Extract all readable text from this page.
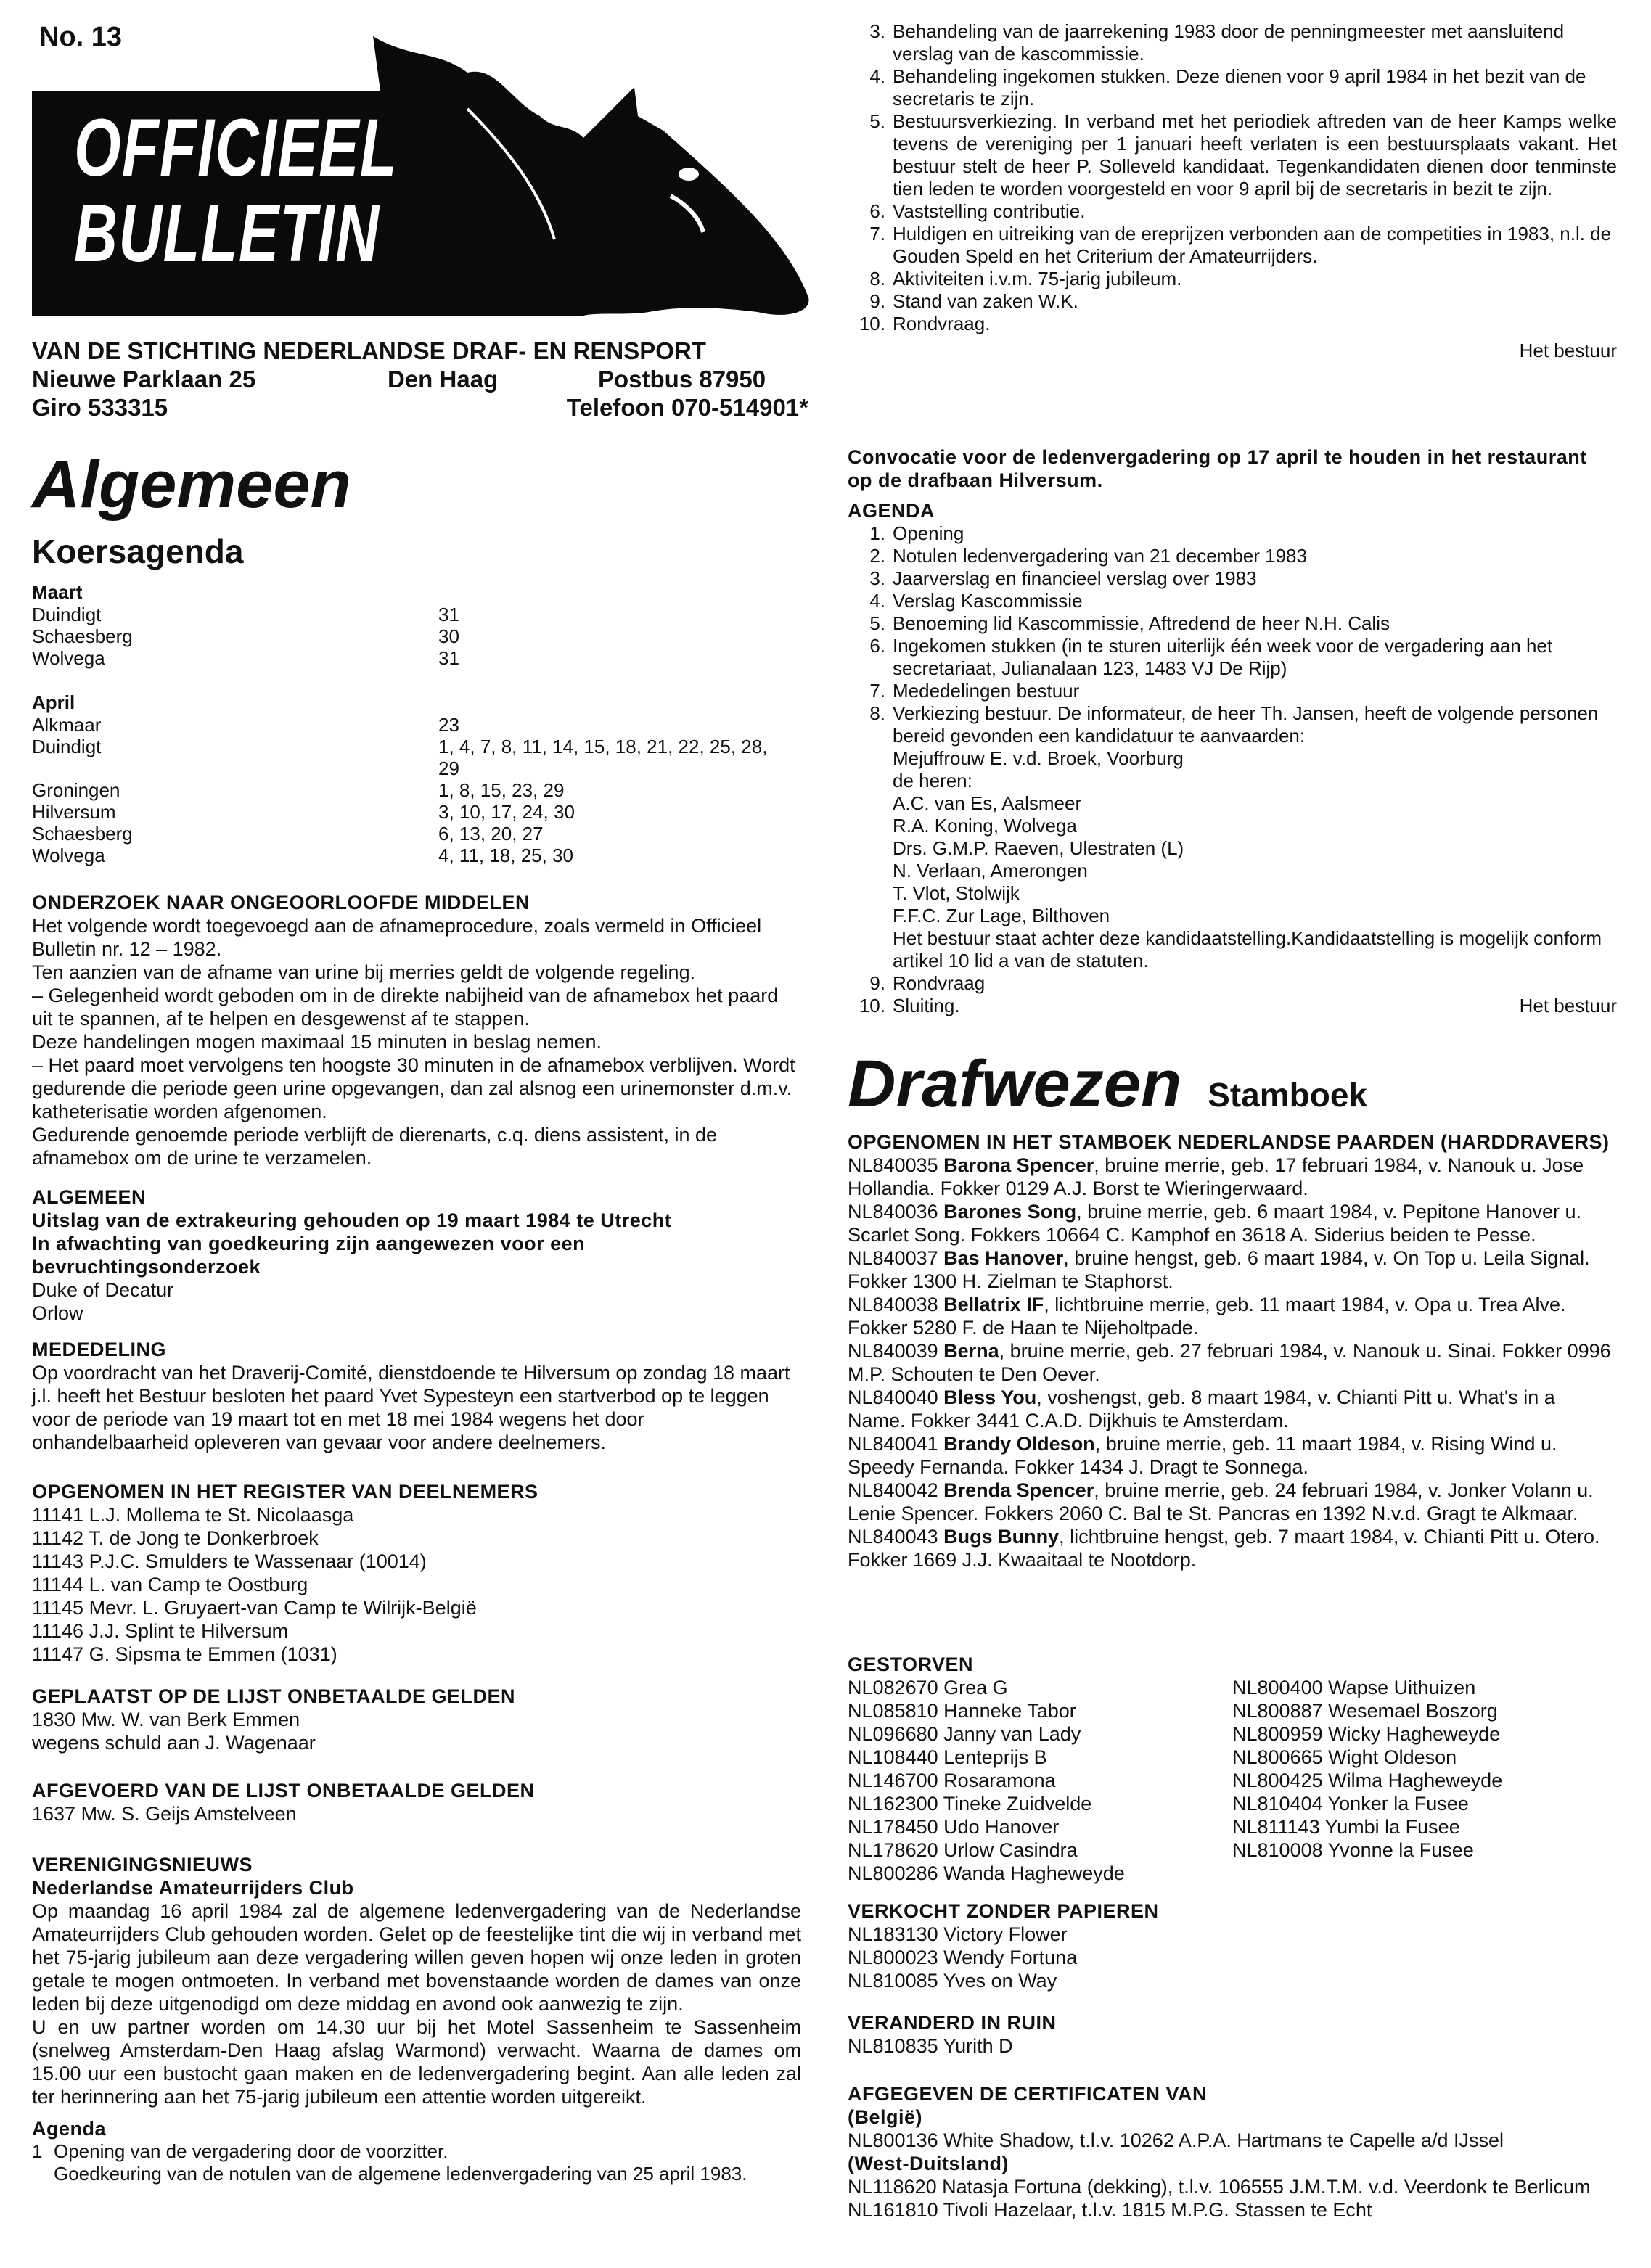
No. 13
OFFICIEEL
BULLETIN
VAN DE STICHTING NEDERLANDSE DRAF- EN RENSPORT
Nieuwe Parklaan 25	Den Haag	Postbus 87950
Giro 533315	Telefoon 070-514901*
Algemeen
Koersagenda
Maart
Duindigt	31
Schaesberg	30
Wolvega	31
April
Alkmaar	23
Duindigt	1, 4, 7, 8, 11, 14, 15, 18, 21, 22, 25, 28, 29
Groningen	1, 8, 15, 23, 29
Hilversum	3, 10, 17, 24, 30
Schaesberg	6, 13, 20, 27
Wolvega	4, 11, 18, 25, 30

ONDERZOEK NAAR ONGEOORLOOFDE MIDDELEN

Het volgende wordt toegevoegd aan de afnameprocedure, zoals vermeld in Officieel Bulletin nr. 12 – 1982.

Ten aanzien van de afname van urine bij merries geldt de volgende regeling.

– Gelegenheid wordt geboden om in de direkte nabijheid van de afnamebox het paard uit te spannen, af te helpen en desgewenst af te stappen.

Deze handelingen mogen maximaal 15 minuten in beslag nemen.

– Het paard moet vervolgens ten hoogste 30 minuten in de afnamebox verblijven. Wordt gedurende die periode geen urine opgevangen, dan zal alsnog een urinemonster d.m.v. katheterisatie worden afgenomen.

Gedurende genoemde periode verblijft de dierenarts, c.q. diens assistent, in de afnamebox om de urine te verzamelen.

ALGEMEEN

Uitslag van de extrakeuring gehouden op 19 maart 1984 te Utrecht

In afwachting van goedkeuring zijn aangewezen voor een bevruchtingsonderzoek

Duke of Decatur

Orlow

MEDEDELING

Op voordracht van het Draverij-Comité, dienstdoende te Hilversum op zondag 18 maart j.l. heeft het Bestuur besloten het paard Yvet Sypesteyn een startverbod op te leggen voor de periode van 19 maart tot en met 18 mei 1984 wegens het door onhandelbaarheid opleveren van gevaar voor andere deelnemers.

OPGENOMEN IN HET REGISTER VAN DEELNEMERS

11141 L.J. Mollema te St. Nicolaasga

11142 T. de Jong te Donkerbroek

11143 P.J.C. Smulders te Wassenaar (10014)

11144 L. van Camp te Oostburg

11145 Mevr. L. Gruyaert-van Camp te Wilrijk-België

11146 J.J. Splint te Hilversum

11147 G. Sipsma te Emmen (1031)

GEPLAATST OP DE LIJST ONBETAALDE GELDEN

1830 Mw. W. van Berk Emmen

wegens schuld aan J. Wagenaar

AFGEVOERD VAN DE LIJST ONBETAALDE GELDEN

1637 Mw. S. Geijs Amstelveen

VERENIGINGSNIEUWS

Nederlandse Amateurrijders Club

Op maandag 16 april 1984 zal de algemene ledenvergadering van de Nederlandse Amateurrijders Club gehouden worden. Gelet op de feestelijke tint die wij in verband met het 75-jarig jubileum aan deze vergadering willen geven hopen wij onze leden in groten getale te mogen ontmoeten. In verband met bovenstaande worden de dames van onze leden bij deze uitgenodigd om deze middag en avond ook aanwezig te zijn.

U en uw partner worden om 14.30 uur bij het Motel Sassenheim te Sassenheim (snelweg Amsterdam-Den Haag afslag Warmond) verwacht. Waarna de dames om 15.00 uur een bustocht gaan maken en de ledenvergadering begint. Aan alle leden zal ter herinnering aan het 75-jarig jubileum een attentie worden uitgereikt.

Agenda

1 Opening van de vergadering door de voorzitter.
Goedkeuring van de notulen van de algemene ledenvergadering van 25 april 1983.
3. Behandeling van de jaarrekening 1983 door de penningmeester met aansluitend verslag van de kascommissie.
4. Behandeling ingekomen stukken. Deze dienen voor 9 april 1984 in het bezit van de secretaris te zijn.
5. Bestuursverkiezing. In verband met het periodiek aftreden van de heer Kamps welke tevens de vereniging per 1 januari heeft verlaten is een bestuursplaats vakant. Het bestuur stelt de heer P. Solleveld kandidaat. Tegenkandidaten dienen door tenminste tien leden te worden voorgesteld en voor 9 april bij de secretaris in bezit te zijn.
6. Vaststelling contributie.
7. Huldigen en uitreiking van de ereprijzen verbonden aan de competities in 1983, n.l. de Gouden Speld en het Criterium der Amateurrijders.
8. Aktiviteiten i.v.m. 75-jarig jubileum.
9. Stand van zaken W.K.
10. Rondvraag.
Het bestuur

Convocatie voor de ledenvergadering op 17 april te houden in het restaurant op de drafbaan Hilversum.

AGENDA

1. Opening
2. Notulen ledenvergadering van 21 december 1983
3. Jaarverslag en financieel verslag over 1983
4. Verslag Kascommissie
5. Benoeming lid Kascommissie, Aftredend de heer N.H. Calis
6. Ingekomen stukken (in te sturen uiterlijk één week voor de vergadering aan het secretariaat, Julianalaan 123, 1483 VJ De Rijp)
7. Mededelingen bestuur
8. Verkiezing bestuur. De informateur, de heer Th. Jansen, heeft de volgende personen bereid gevonden een kandidatuur te aanvaarden:
Mejuffrouw E. v.d. Broek, Voorburg
de heren:
A.C. van Es, Aalsmeer
R.A. Koning, Wolvega
Drs. G.M.P. Raeven, Ulestraten (L)
N. Verlaan, Amerongen
T. Vlot, Stolwijk
F.F.C. Zur Lage, Bilthoven
Het bestuur staat achter deze kandidaatstelling.Kandidaatstelling is mogelijk conform artikel 10 lid a van de statuten.
9. Rondvraag
10. Sluiting.	Het bestuur
Drafwezen Stamboek

OPGENOMEN IN HET STAMBOEK NEDERLANDSE PAARDEN (HARDDRAVERS)

NL840035 Barona Spencer, bruine merrie, geb. 17 februari 1984, v. Nanouk u. Jose Hollandia. Fokker 0129 A.J. Borst te Wieringerwaard.

NL840036 Barones Song, bruine merrie, geb. 6 maart 1984, v. Pepitone Hanover u. Scarlet Song. Fokkers 10664 C. Kamphof en 3618 A. Siderius beiden te Pesse.

NL840037 Bas Hanover, bruine hengst, geb. 6 maart 1984, v. On Top u. Leila Signal. Fokker 1300 H. Zielman te Staphorst.

NL840038 Bellatrix IF, lichtbruine merrie, geb. 11 maart 1984, v. Opa u. Trea Alve. Fokker 5280 F. de Haan te Nijeholtpade.

NL840039 Berna, bruine merrie, geb. 27 februari 1984, v. Nanouk u. Sinai. Fokker 0996 M.P. Schouten te Den Oever.

NL840040 Bless You, voshengst, geb. 8 maart 1984, v. Chianti Pitt u. What's in a Name. Fokker 3441 C.A.D. Dijkhuis te Amsterdam.

NL840041 Brandy Oldeson, bruine merrie, geb. 11 maart 1984, v. Rising Wind u. Speedy Fernanda. Fokker 1434 J. Dragt te Sonnega.

NL840042 Brenda Spencer, bruine merrie, geb. 24 februari 1984, v. Jonker Volann u. Lenie Spencer. Fokkers 2060 C. Bal te St. Pancras en 1392 N.v.d. Gragt te Alkmaar.

NL840043 Bugs Bunny, lichtbruine hengst, geb. 7 maart 1984, v. Chianti Pitt u. Otero. Fokker 1669 J.J. Kwaaitaal te Nootdorp.

GESTORVEN

NL082670 Grea G

NL085810 Hanneke Tabor

NL096680 Janny van Lady

NL108440 Lenteprijs B

NL146700 Rosaramona

NL162300 Tineke Zuidvelde

NL178450 Udo Hanover

NL178620 Urlow Casindra

NL800286 Wanda Hagheweyde

NL800400 Wapse Uithuizen

NL800887 Wesemael Boszorg

NL800959 Wicky Hagheweyde

NL800665 Wight Oldeson

NL800425 Wilma Hagheweyde

NL810404 Yonker la Fusee

NL811143 Yumbi la Fusee

NL810008 Yvonne la Fusee

VERKOCHT ZONDER PAPIEREN

NL183130 Victory Flower

NL800023 Wendy Fortuna

NL810085 Yves on Way

VERANDERD IN RUIN

NL810835 Yurith D

AFGEGEVEN DE CERTIFICATEN VAN

(België)

NL800136 White Shadow, t.l.v. 10262 A.P.A. Hartmans te Capelle a/d IJssel

(West-Duitsland)

NL118620 Natasja Fortuna (dekking), t.l.v. 106555 J.M.T.M. v.d. Veerdonk te Berlicum

NL161810 Tivoli Hazelaar, t.l.v. 1815 M.P.G. Stassen te Echt
